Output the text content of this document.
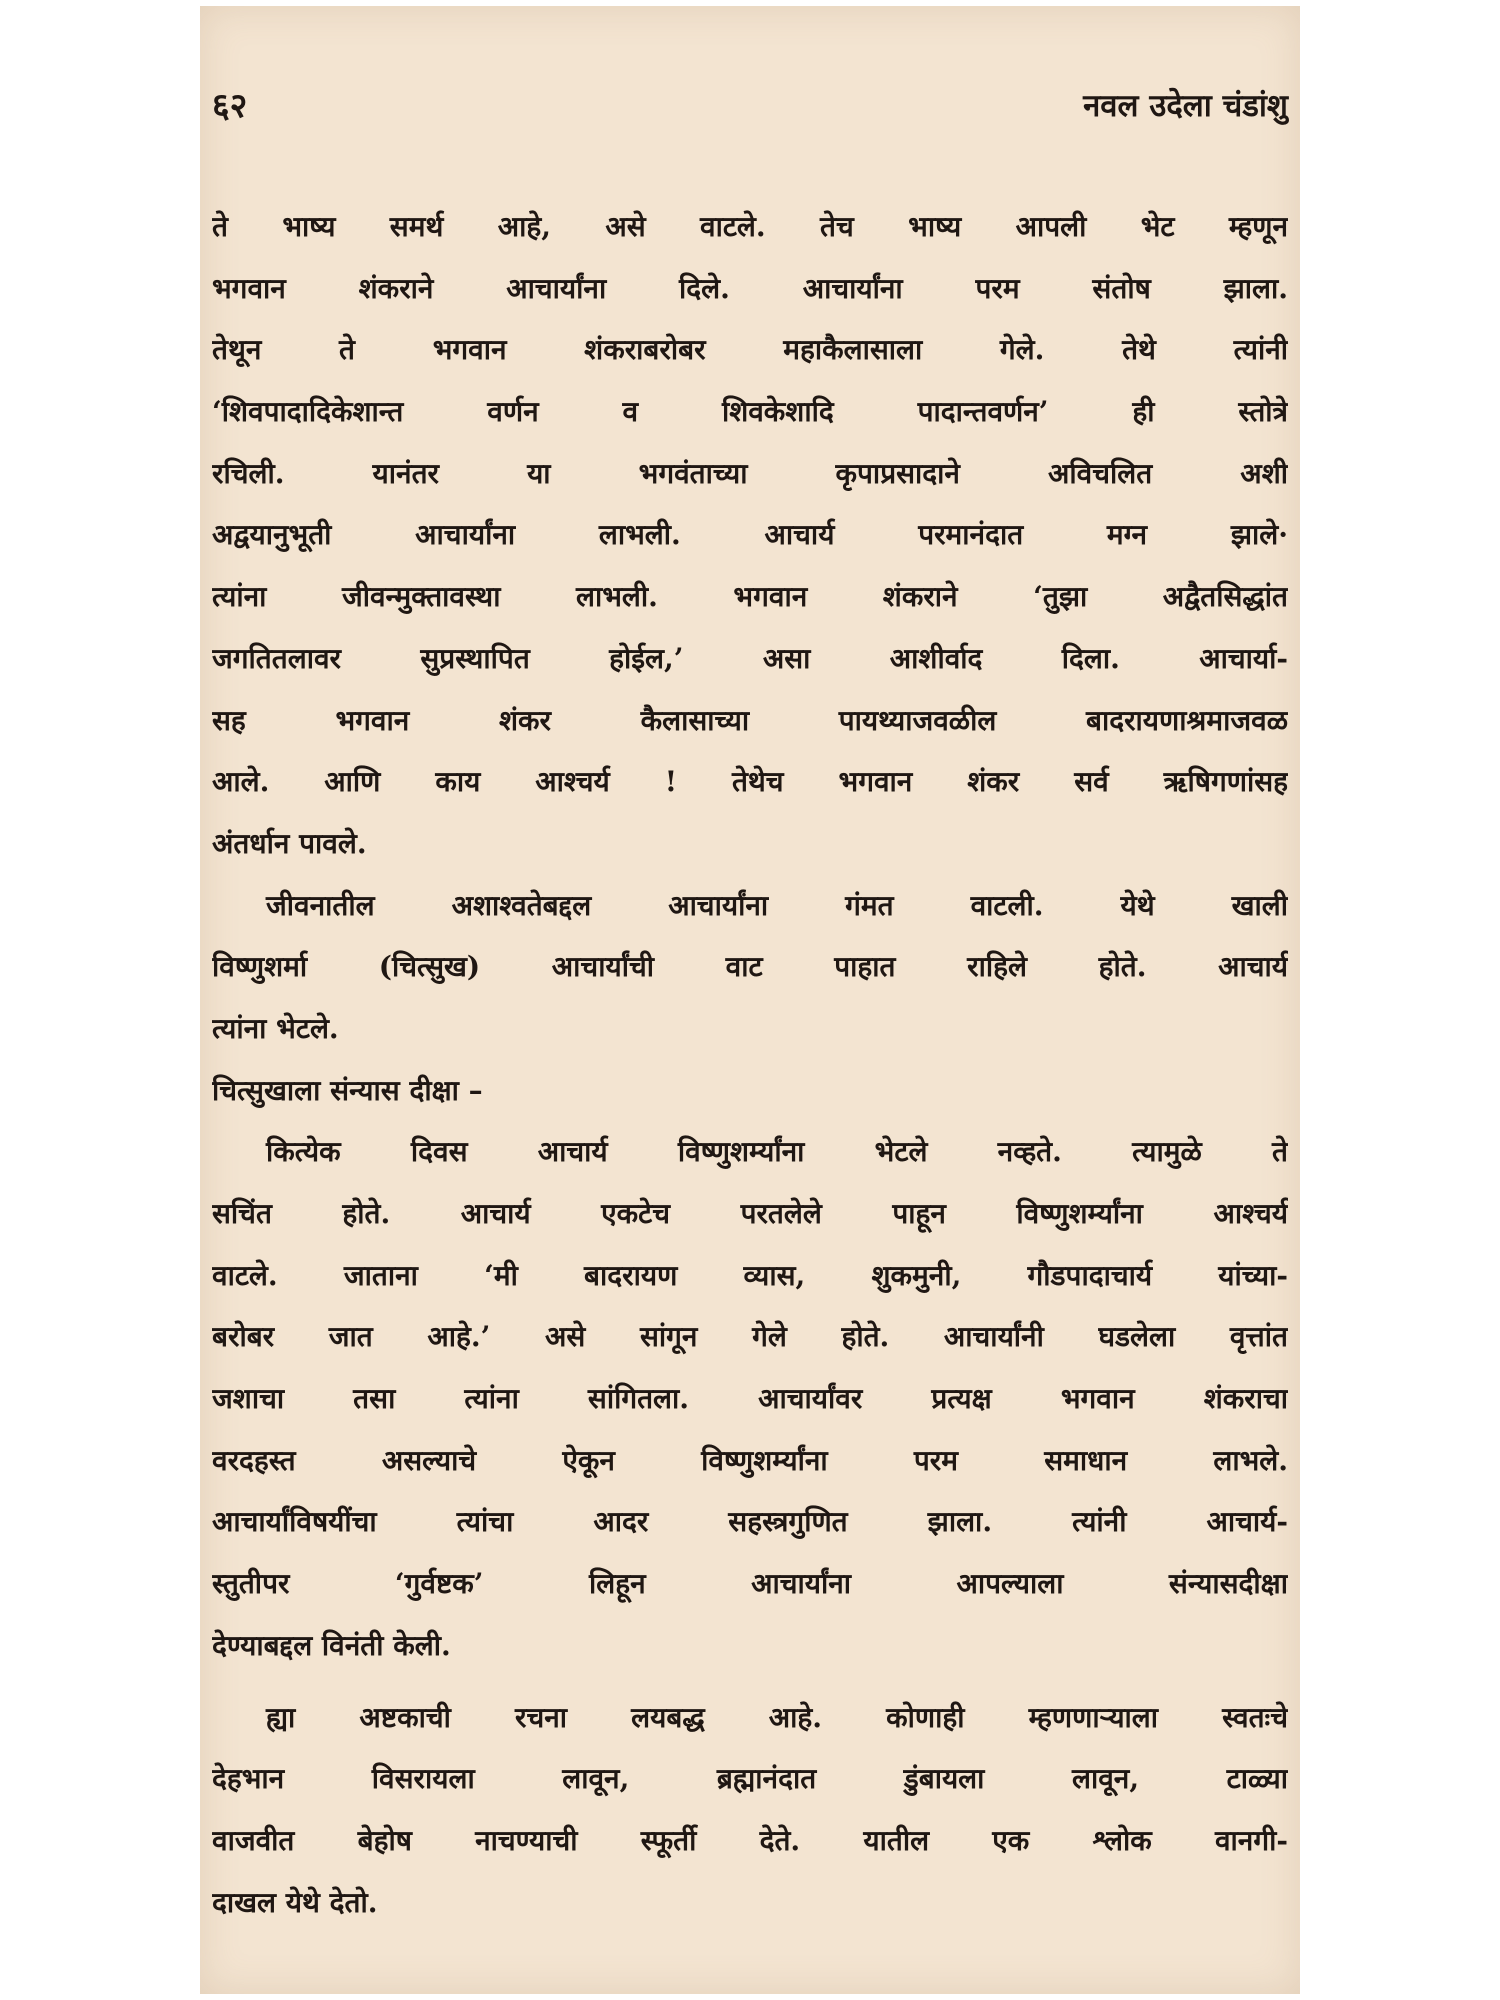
६२	नवल उदेला चंडांशु
ते भाष्य समर्थ आहे, असे वाटले. तेच भाष्य आपली भेट म्हणून
भगवान शंकराने आचार्यांना दिले. आचार्यांना परम संतोष झाला.
तेथून ते भगवान शंकराबरोबर महाकैलासाला गेले. तेथे त्यांनी
‘शिवपादादिकेशान्त वर्णन व शिवकेशादि पादान्तवर्णन’ ही स्तोत्रे
रचिली. यानंतर या भगवंताच्या कृपाप्रसादाने अविचलित अशी
अद्वयानुभूती आचार्यांना लाभली. आचार्य परमानंदात मग्न झाले·
त्यांना जीवन्मुक्तावस्था लाभली. भगवान शंकराने ‘तुझा अद्वैतसिद्धांत
जगतितलावर सुप्रस्थापित होईल,’ असा आशीर्वाद दिला. आचार्या-
सह भगवान शंकर कैलासाच्या पायथ्याजवळील बादरायणाश्रमाजवळ
आले. आणि काय आश्चर्य ! तेथेच भगवान शंकर सर्व ऋषिगणांसह
अंतर्धान पावले.
जीवनातील अशाश्वतेबद्दल आचार्यांना गंमत वाटली. येथे खाली
विष्णुशर्मा (चित्सुख) आचार्यांची वाट पाहात राहिले होते. आचार्य
त्यांना भेटले.
चित्सुखाला संन्यास दीक्षा –
कित्येक दिवस आचार्य विष्णुशर्म्यांना भेटले नव्हते. त्यामुळे ते
सचिंत होते. आचार्य एकटेच परतलेले पाहून विष्णुशर्म्यांना आश्चर्य
वाटले. जाताना ‘मी बादरायण व्यास, शुकमुनी, गौडपादाचार्य यांच्या-
बरोबर जात आहे.’ असे सांगून गेले होते. आचार्यांनी घडलेला वृत्तांत
जशाचा तसा त्यांना सांगितला. आचार्यांवर प्रत्यक्ष भगवान शंकराचा
वरदहस्त असल्याचे ऐकून विष्णुशर्म्यांना परम समाधान लाभले.
आचार्यांविषयींचा त्यांचा आदर सहस्त्रगुणित झाला. त्यांनी आचार्य-
स्तुतीपर ‘गुर्वष्टक’ लिहून आचार्यांना आपल्याला संन्यासदीक्षा
देण्याबद्दल विनंती केली.
ह्या अष्टकाची रचना लयबद्ध आहे. कोणाही म्हणणाऱ्याला स्वतःचे
देहभान विसरायला लावून, ब्रह्मानंदात डुंबायला लावून, टाळ्या
वाजवीत बेहोष नाचण्याची स्फूर्ती देते. यातील एक श्लोक वानगी-
दाखल येथे देतो.
